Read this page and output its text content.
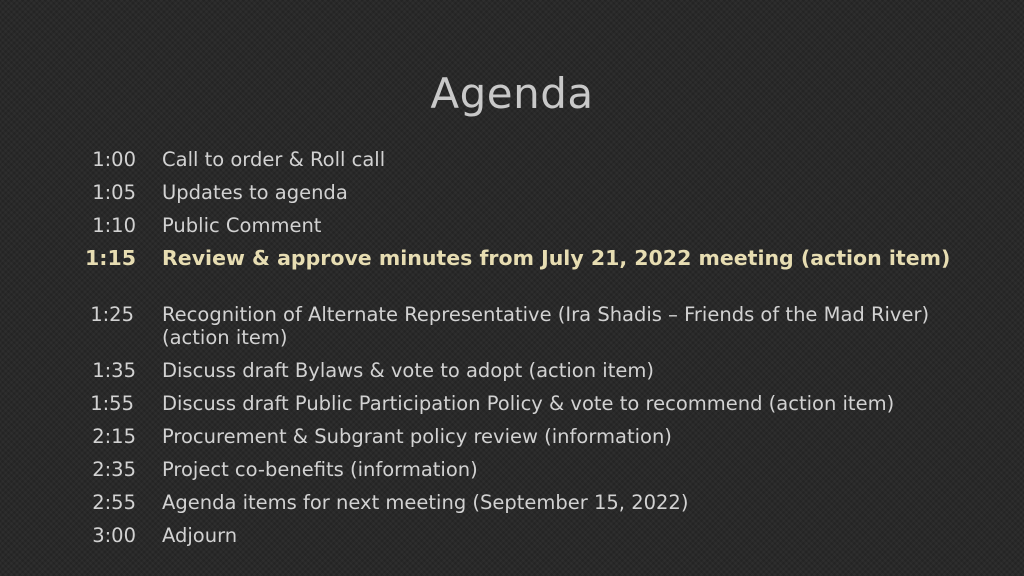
Agenda
1:00 Call to order & Roll call
1:05 Updates to agenda
1:10 Public Comment
1:15 Review & approve minutes from July 21, 2022 meeting (action item)
1:25 Recognition of Alternate Representative (Ira Shadis – Friends of the Mad River) (action item)
1:35 Discuss draft Bylaws & vote to adopt (action item)
1:55 Discuss draft Public Participation Policy & vote to recommend (action item)
2:15 Procurement & Subgrant policy review (information)
2:35 Project co-benefits (information)
2:55 Agenda items for next meeting (September 15, 2022)
3:00 Adjourn
